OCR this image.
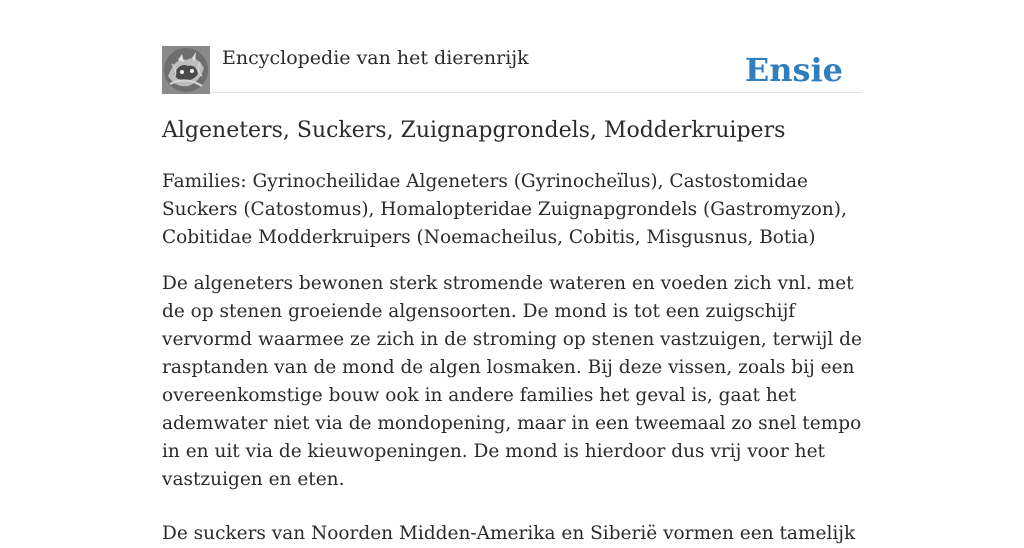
Encyclopedie van het dierenrijk	Ensie
Algeneters, Suckers, Zuignapgrondels, Modderkruipers

Families: Gyrinocheilidae Algeneters (Gyrinocheïlus), Castostomidae Suckers (Catostomus), Homalopteridae Zuignapgrondels (Gastromyzon), Cobitidae Modderkruipers (Noemacheilus, Cobitis, Misgusnus, Botia)

De algeneters bewonen sterk stromende wateren en voeden zich vnl. met de op stenen groeiende algensoorten. De mond is tot een zuigschijf vervormd waarmee ze zich in de stroming op stenen vastzuigen, terwijl de rasptanden van de mond de algen losmaken. Bij deze vissen, zoals bij een overeenkomstige bouw ook in andere families het geval is, gaat het ademwater niet via de mondopening, maar in een tweemaal zo snel tempo in en uit via de kieuwopeningen. De mond is hierdoor dus vrij voor het vastzuigen en eten.

De suckers van Noorden Midden-Amerika en Siberië vormen een tamelijk
